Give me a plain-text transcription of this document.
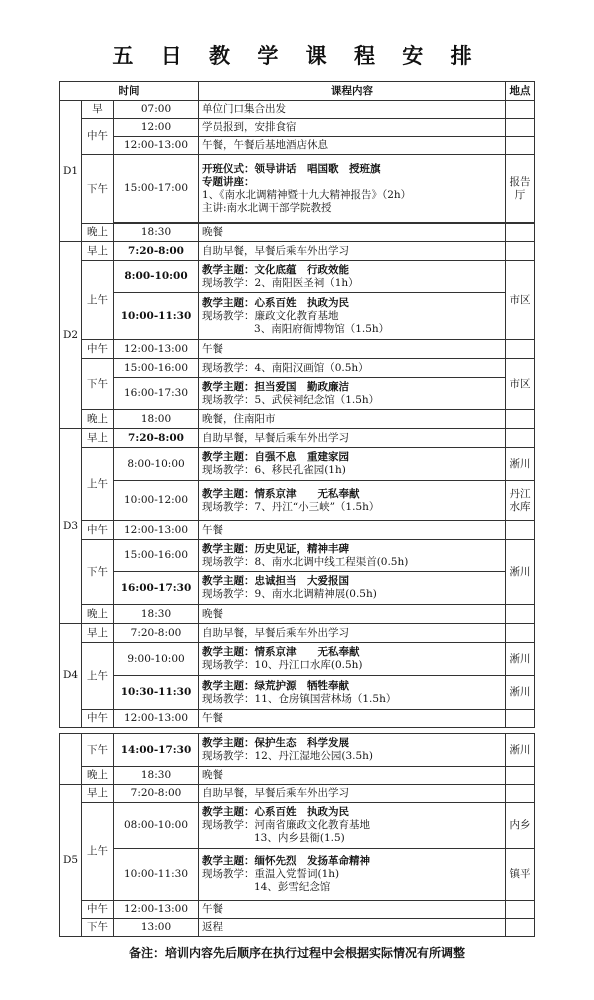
五 日 教 学 课 程 安 排
时间			课程内容	地点
D1	早	07:00	单位门口集合出发	
	中午	12:00	学员报到，安排食宿	
		12:00-13:00	午餐，午餐后基地酒店休息	
	下午	15:00-17:00	开班仪式：领导讲话　唱国歌　授班旗
专题讲座：
1、《南水北调精神暨十九大精神报告》（2h）
主讲:南水北调干部学院教授	报告厅

	晚上	18:30	晚餐	
D2	早上	7:20-8:00	自助早餐，早餐后乘车外出学习	
	上午	8:00-10:00	教学主题：文化底蕴　行政效能
现场教学：2、南阳医圣祠（1h）	市区
		10:00-11:30	教学主题：心系百姓　执政为民
现场教学：廉政文化教育基地
3、南阳府衙博物馆（1.5h）	

	中午	12:00-13:00	午餐	
	下午	15:00-16:00	现场教学：4、南阳汉画馆（0.5h）	市区
		16:00-17:30	教学主题：担当爱国　勤政廉洁
现场教学：5、武侯祠纪念馆（1.5h）	

	晚上	18:00	晚餐，住南阳市	
D3	早上	7:20-8:00	自助早餐，早餐后乘车外出学习	
	上午	8:00-10:00	教学主题：自强不息　重建家园
现场教学：6、移民孔雀园(1h)	淅川
		10:00-12:00	教学主题：情系京津　　无私奉献
现场教学：7、丹江“小三峡”（1.5h）	丹江
水库

	中午	12:00-13:00	午餐	
	下午	15:00-16:00	教学主题：历史见证，精神丰碑
现场教学：8、南水北调中线工程渠首(0.5h)	淅川
		16:00-17:30	教学主题：忠诚担当　大爱报国
现场教学：9、南水北调精神展(0.5h)	

	晚上	18:30	晚餐	
D4	早上	7:20-8:00	自助早餐，早餐后乘车外出学习	
	上午	9:00-10:00	教学主题：情系京津　　无私奉献
现场教学：10、丹江口水库(0.5h)	淅川
		10:30-11:30	教学主题：绿荒护源　牺牲奉献
现场教学：11、仓房镇国营林场（1.5h）	淅川
	中午	12:00-13:00	午餐	
	下午	14:00-17:30	教学主题：保护生态　科学发展
现场教学：12、丹江湿地公园(3.5h)	淅川
	晚上	18:30	晚餐	
D5	早上	7:20-8:00	自助早餐，早餐后乘车外出学习	
	上午	08:00-10:00	教学主题：心系百姓　执政为民
现场教学：河南省廉政文化教育基地
13、内乡县衙(1.5)	内乡
		10:00-11:30	教学主题：缅怀先烈　发扬革命精神
现场教学：重温入党誓词(1h)
14、彭雪纪念馆	镇平
	中午	12:00-13:00	午餐	
	下午	13:00	返程	
备注：培训内容先后顺序在执行过程中会根据实际情况有所调整
